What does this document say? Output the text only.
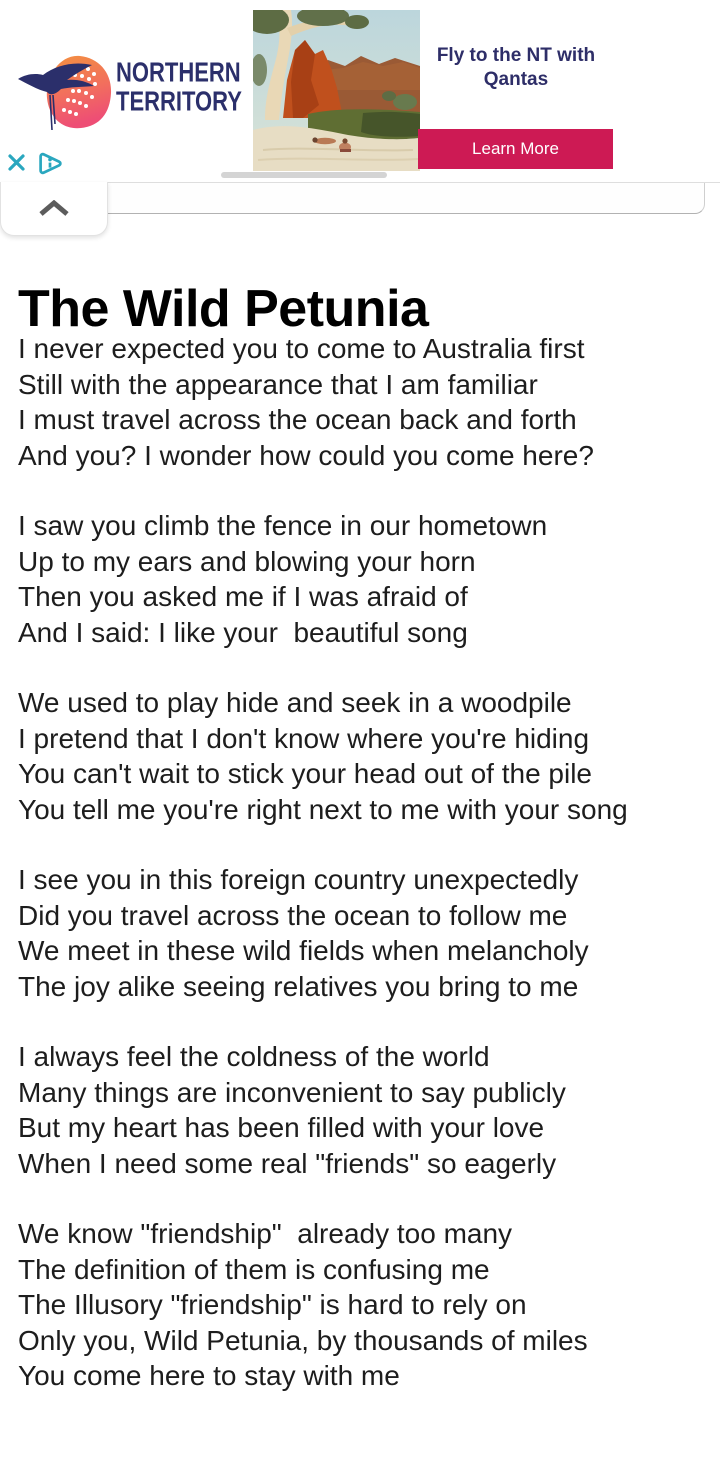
NORTHERN
TERRITORY
Fly to the NT with
Qantas
Learn More
The Wild Petunia
I never expected you to come to Australia first
Still with the appearance that I am familiar
I must travel across the ocean back and forth
And you? I wonder how could you come here?
I saw you climb the fence in our hometown
Up to my ears and blowing your horn
Then you asked me if I was afraid of
And I said: I like your  beautiful song
We used to play hide and seek in a woodpile
I pretend that I don't know where you're hiding
You can't wait to stick your head out of the pile
You tell me you're right next to me with your song
I see you in this foreign country unexpectedly
Did you travel across the ocean to follow me
We meet in these wild fields when melancholy
The joy alike seeing relatives you bring to me
I always feel the coldness of the world
Many things are inconvenient to say publicly
But my heart has been filled with your love
When I need some real "friends" so eagerly
We know "friendship"  already too many
The definition of them is confusing me
The Illusory "friendship" is hard to rely on
Only you, Wild Petunia, by thousands of miles
You come here to stay with me
